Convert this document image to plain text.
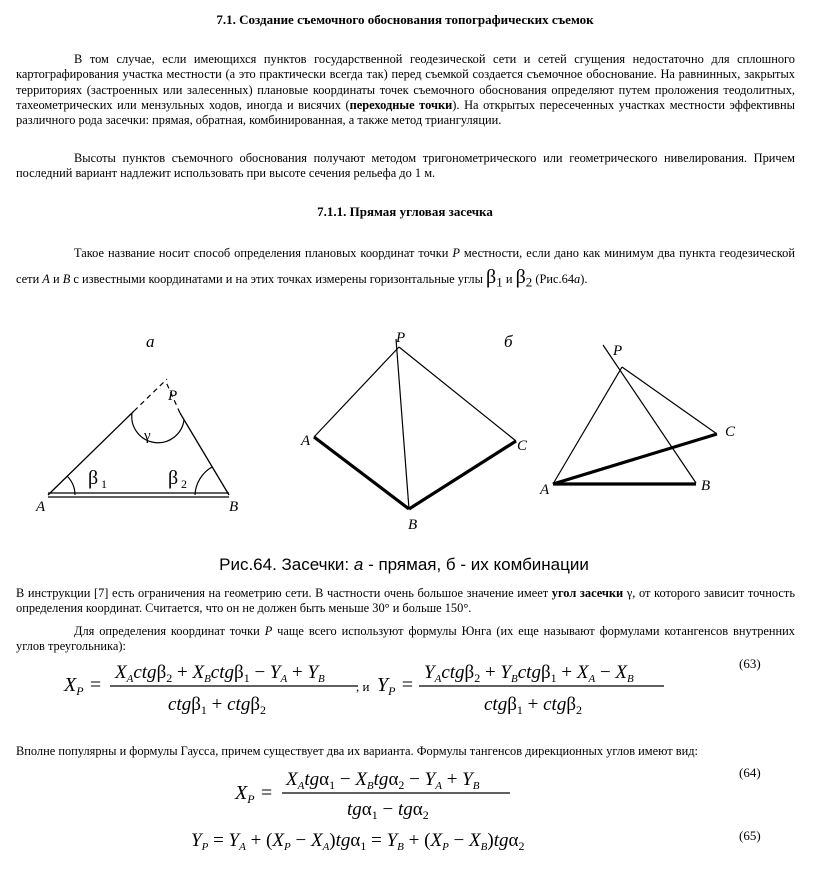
7.1. Создание съемочного обоснования топографических съемок
В том случае, если имеющихся пунктов государственной геодезической сети и сетей сгущения недостаточно для сплошного картографирования участка местности (а это практически всегда так) перед съемкой создается съемочное обоснование. На равнинных, закрытых территориях (застроенных или залесенных) плановые координаты точек съемочного обоснования определяют путем проложения теодолитных, тахеометрических или мензульных ходов, иногда и висячих (переходные точки). На открытых пересеченных участках местности эффективны различного рода засечки: прямая, обратная, комбинированная, а также метод триангуляции.
Высоты пунктов съемочного обоснования получают методом тригонометрического или геометрического нивелирования. Причем последний вариант надлежит использовать при высоте сечения рельефа до 1 м.
7.1.1. Прямая угловая засечка
Такое название носит способ определения плановых координат точки P местности, если дано как минимум два пункта геодезической сети A и B с известными координатами и на этих точках измерены горизонтальные углы $\beta_1$ и $\beta_2$ (Рис.64а).
а
A	B
P
γ
β 1	β 2
P
A	C
B
б	P
A	B
C
Рис.64. Засечки: а - прямая, б - их комбинации
В инструкции [7] есть ограничения на геометрию сети. В частности очень большое значение имеет угол засечки γ, от которого зависит точность определения координат. Считается, что он не должен быть меньше 30° и больше 150°.
Для определения координат точки P чаще всего используют формулы Юнга (их еще называют формулами котангенсов внутренних углов треугольника):
$X_P$ =
$X_Actg\beta_2 + X_Bctg\beta_1 - Y_A + Y_B$
ctgβ$_1$ + ctgβ$_2$
, и $Y_P$ =
$Y_Actg\beta_2 + Y_Bctg\beta_1 + X_A - X_B$
ctgβ$_1$ + ctgβ$_2$
(63)
Вполне популярны и формулы Гаусса, причем существует два их варианта. Формулы тангенсов дирекционных углов имеют вид:
$X_P$ =
$X_Atg\alpha_1 - X_Btg\alpha_2 - Y_A + Y_B$
tgα$_1$ − tgα$_2$
(64)
$Y_P = Y_A + (X_P - X_A)tg\alpha_1 = Y_B + (X_P - X_B)tg\alpha_2$
(65)
